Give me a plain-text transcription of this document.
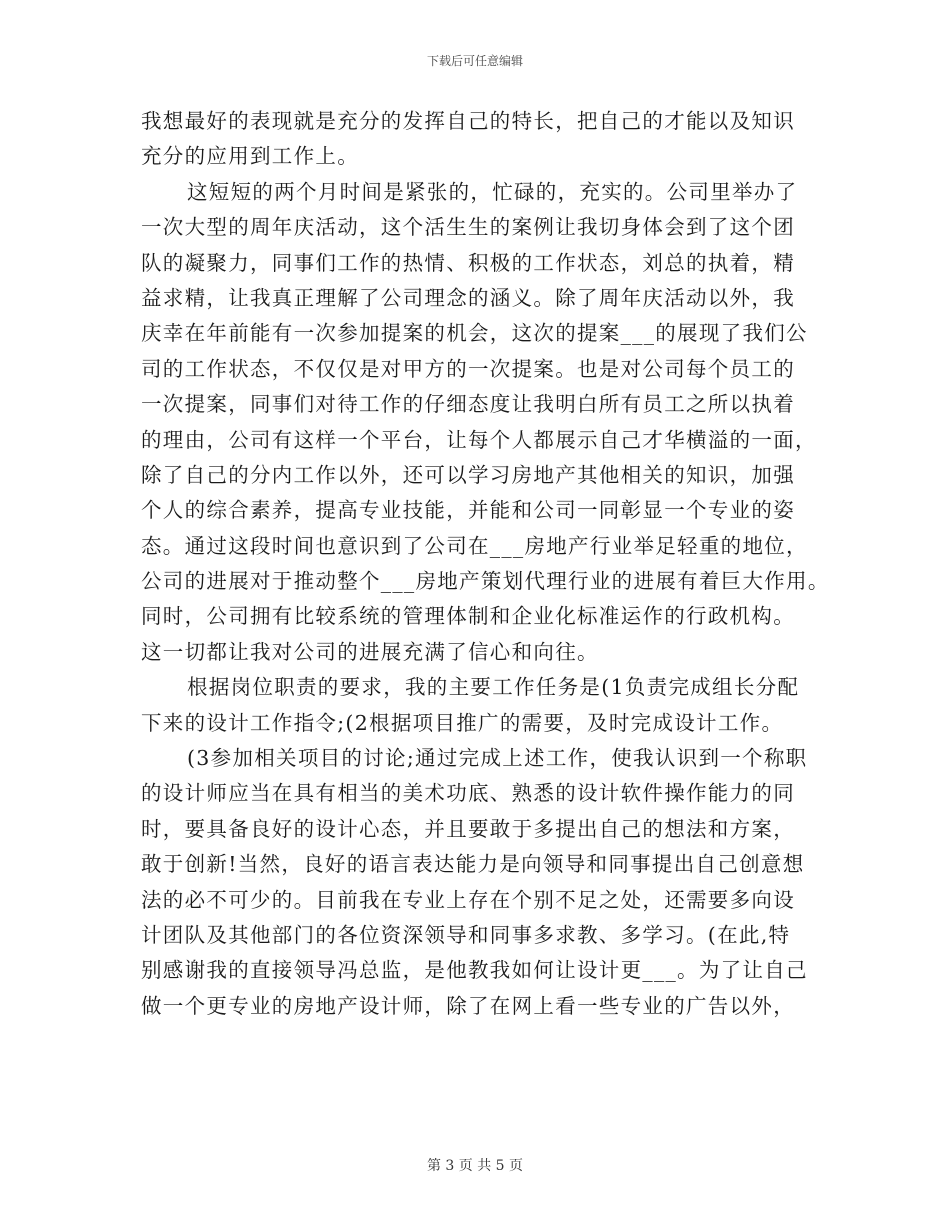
下载后可任意编辑
我想最好的表现就是充分的发挥自己的特长，把自己的才能以及知识
充分的应用到工作上。
这短短的两个月时间是紧张的，忙碌的，充实的。公司里举办了
一次大型的周年庆活动，这个活生生的案例让我切身体会到了这个团
队的凝聚力，同事们工作的热情、积极的工作状态，刘总的执着，精
益求精，让我真正理解了公司理念的涵义。除了周年庆活动以外，我
庆幸在年前能有一次参加提案的机会，这次的提案___的展现了我们公
司的工作状态，不仅仅是对甲方的一次提案。也是对公司每个员工的
一次提案，同事们对待工作的仔细态度让我明白所有员工之所以执着
的理由，公司有这样一个平台，让每个人都展示自己才华横溢的一面，
除了自己的分内工作以外，还可以学习房地产其他相关的知识，加强
个人的综合素养，提高专业技能，并能和公司一同彰显一个专业的姿
态。通过这段时间也意识到了公司在___房地产行业举足轻重的地位，
公司的进展对于推动整个___房地产策划代理行业的进展有着巨大作用。
同时，公司拥有比较系统的管理体制和企业化标准运作的行政机构。
这一切都让我对公司的进展充满了信心和向往。
根据岗位职责的要求，我的主要工作任务是(1负责完成组长分配
下来的设计工作指令;(2根据项目推广的需要，及时完成设计工作。
(3参加相关项目的讨论;通过完成上述工作，使我认识到一个称职
的设计师应当在具有相当的美术功底、熟悉的设计软件操作能力的同
时，要具备良好的设计心态，并且要敢于多提出自己的想法和方案，
敢于创新!当然，良好的语言表达能力是向领导和同事提出自己创意想
法的必不可少的。目前我在专业上存在个别不足之处，还需要多向设
计团队及其他部门的各位资深领导和同事多求教、多学习。(在此,特
别感谢我的直接领导冯总监，是他教我如何让设计更___。为了让自己
做一个更专业的房地产设计师，除了在网上看一些专业的广告以外，
第 3 页 共 5 页
